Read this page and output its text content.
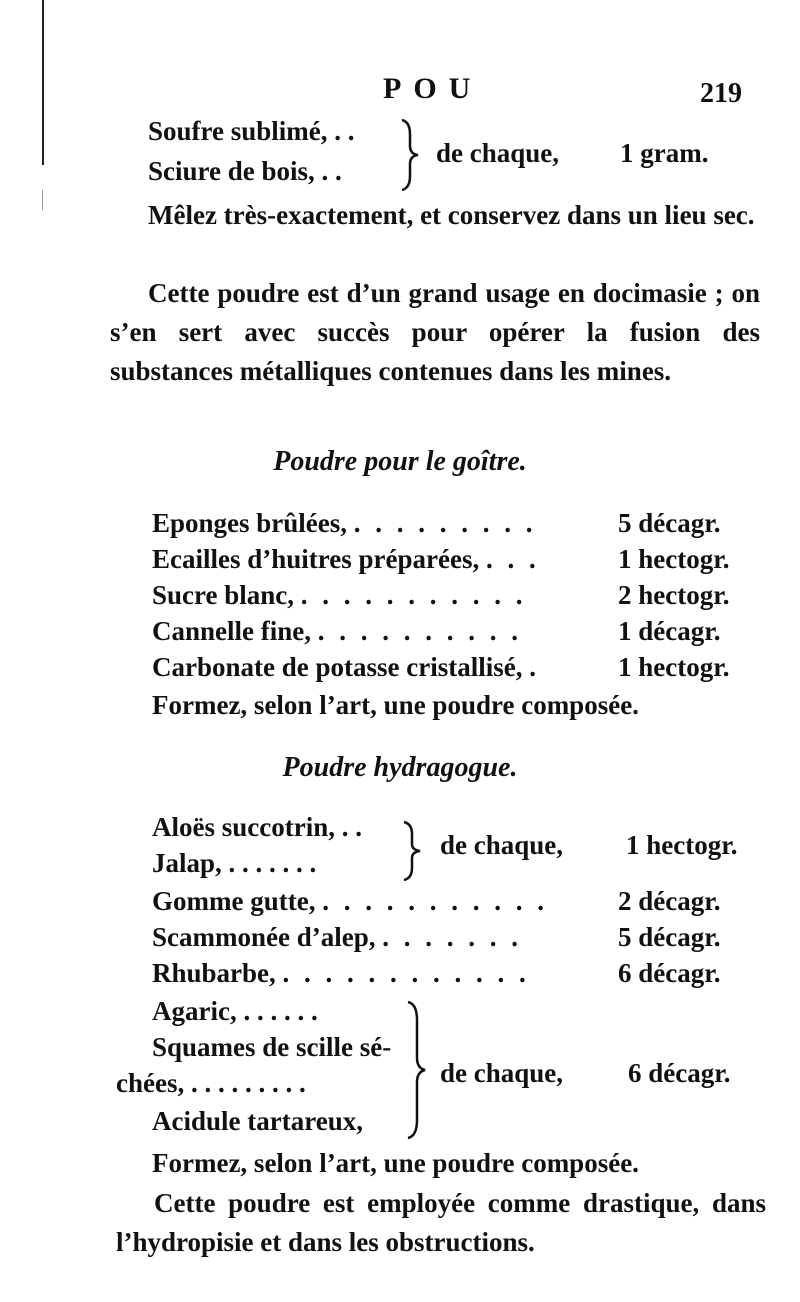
POU	219
Soufre sublimé, . .
Sciure de bois, . .
de chaque, 1 gram.
Mêlez très-exactement, et conservez dans un lieu sec.
Cette poudre est d’un grand usage en docimasie ; on s’en sert avec succès pour opérer la fusion des substances métalliques contenues dans les mines.
Poudre pour le goître.
Eponges brûlées, . . . . . . . . .	5 décagr.
Ecailles d’huitres préparées, . . .	1 hectogr.
Sucre blanc, . . . . . . . . . . .	2 hectogr.
Cannelle fine, . . . . . . . . . .	1 décagr.
Carbonate de potasse cristallisé, .	1 hectogr.
Formez, selon l’art, une poudre composée.
Poudre hydragogue.
Aloës succotrin, . .
Jalap, . . . . . . .
de chaque, 1 hectogr.
Gomme gutte, . . . . . . . . . . .	2 décagr.
Scammonée d’alep, . . . . . . .	5 décagr.
Rhubarbe, . . . . . . . . . . . .	6 décagr.
Agaric, . . . . . .
Squames de scille sé-
chées, . . . . . . . . .
Acidule tartareux,
de chaque, 6 décagr.
Formez, selon l’art, une poudre composée.
Cette poudre est employée comme drastique, dans l’hydropisie et dans les obstructions.
